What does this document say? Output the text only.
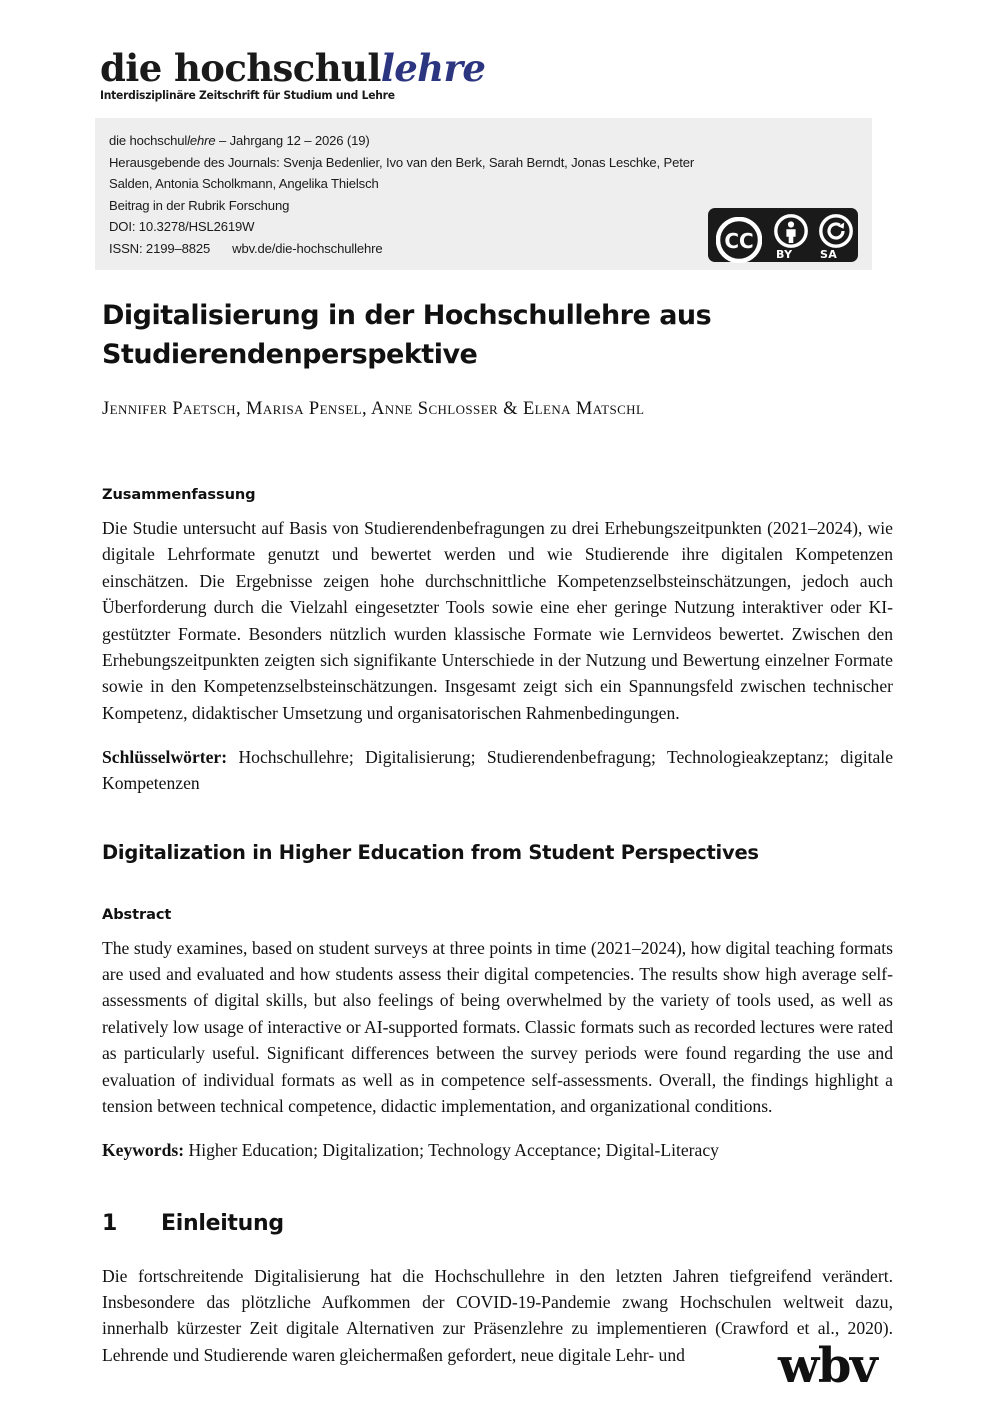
die hochschullehre
Interdisziplinäre Zeitschrift für Studium und Lehre
die hochschullehre – Jahrgang 12 – 2026 (19)
Herausgebende des Journals: Svenja Bedenlier, Ivo van den Berk, Sarah Berndt, Jonas Leschke, Peter Salden, Antonia Scholkmann, Angelika Thielsch
Beitrag in der Rubrik Forschung
DOI: 10.3278/HSL2619W
ISSN: 2199–8825 wbv.de/die-hochschullehre	CC
BY	SA
Digitalisierung in der Hochschullehre aus Studierendenperspektive
Jennifer Paetsch, Marisa Pensel, Anne Schlosser & Elena Matschl
Zusammenfassung

Die Studie untersucht auf Basis von Studierendenbefragungen zu drei Erhebungszeitpunkten (2021–2024), wie digitale Lehrformate genutzt und bewertet werden und wie Studierende ihre digitalen Kompetenzen einschätzen. Die Ergebnisse zeigen hohe durchschnittliche Kompetenzselbsteinschätzungen, jedoch auch Überforderung durch die Vielzahl eingesetzter Tools sowie eine eher geringe Nutzung interaktiver oder KI-gestützter Formate. Besonders nützlich wurden klassische Formate wie Lernvideos bewertet. Zwischen den Erhebungszeitpunkten zeigten sich signifikante Unterschiede in der Nutzung und Bewertung einzelner Formate sowie in den Kompetenzselbsteinschätzungen. Insgesamt zeigt sich ein Spannungsfeld zwischen technischer Kompetenz, didaktischer Umsetzung und organisatorischen Rahmenbedingungen.

Schlüsselwörter: Hochschullehre; Digitalisierung; Studierendenbefragung; Technologieakzeptanz; digitale Kompetenzen

Digitalization in Higher Education from Student Perspectives
Abstract

The study examines, based on student surveys at three points in time (2021–2024), how digital teaching formats are used and evaluated and how students assess their digital competencies. The results show high average self-assessments of digital skills, but also feelings of being overwhelmed by the variety of tools used, as well as relatively low usage of interactive or AI-supported formats. Classic formats such as recorded lectures were rated as particularly useful. Significant differences between the survey periods were found regarding the use and evaluation of individual formats as well as in competence self-assessments. Overall, the findings highlight a tension between technical competence, didactic implementation, and organizational conditions.

Keywords: Higher Education; Digitalization; Technology Acceptance; Digital-Literacy

1	Einleitung

Die fortschreitende Digitalisierung hat die Hochschullehre in den letzten Jahren tiefgreifend verändert. Insbesondere das plötzliche Aufkommen der COVID-19-Pandemie zwang Hochschulen weltweit dazu, innerhalb kürzester Zeit digitale Alternativen zur Präsenzlehre zu implementieren (Crawford et al., 2020). Lehrende und Studierende waren gleichermaßen gefordert, neue digitale Lehr- und	wbv
